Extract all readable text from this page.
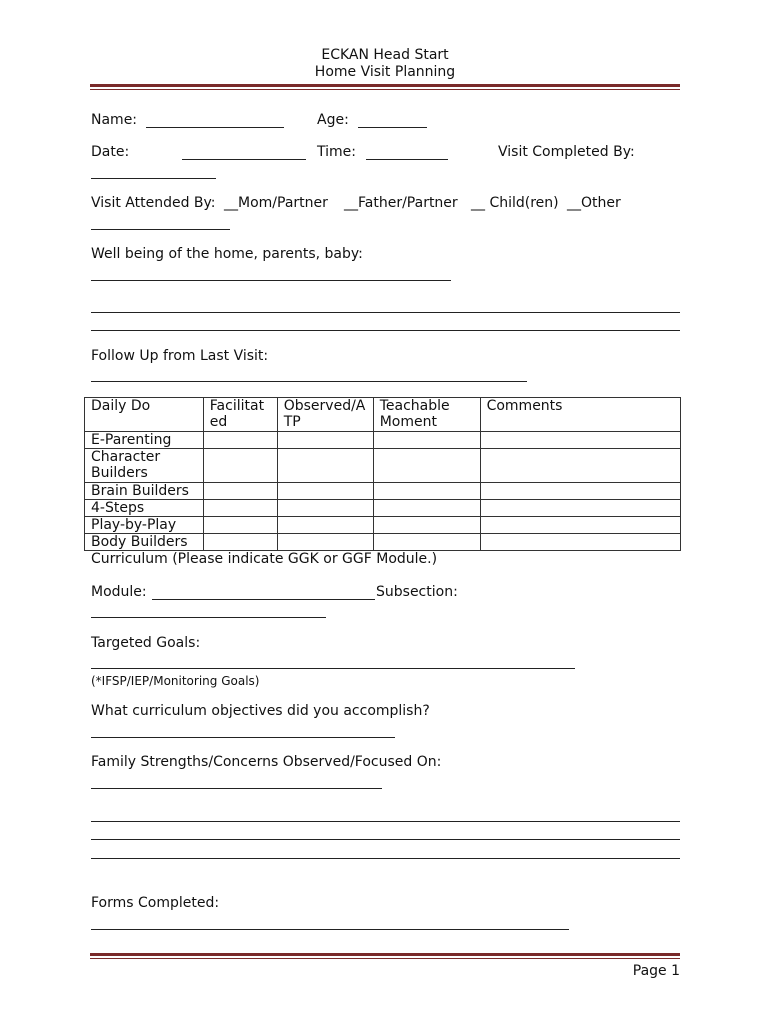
ECKAN Head Start
Home Visit Planning
Name:	Age:
Date:	Time:	Visit Completed By:
Visit Attended By: __Mom/Partner __Father/Partner __ Child(ren) __Other
Well being of the home, parents, baby:
Follow Up from Last Visit:
Daily Do	Facilitat ed	Observed/A TP	Teachable Moment	Comments
E-Parenting				
Character Builders				
Brain Builders				
4-Steps				
Play-by-Play				
Body Builders				
Curriculum (Please indicate GGK or GGF Module.)
Module:	Subsection:
Targeted Goals:
(*IFSP/IEP/Monitoring Goals)
What curriculum objectives did you accomplish?
Family Strengths/Concerns Observed/Focused On:
Forms Completed:
Page 1
